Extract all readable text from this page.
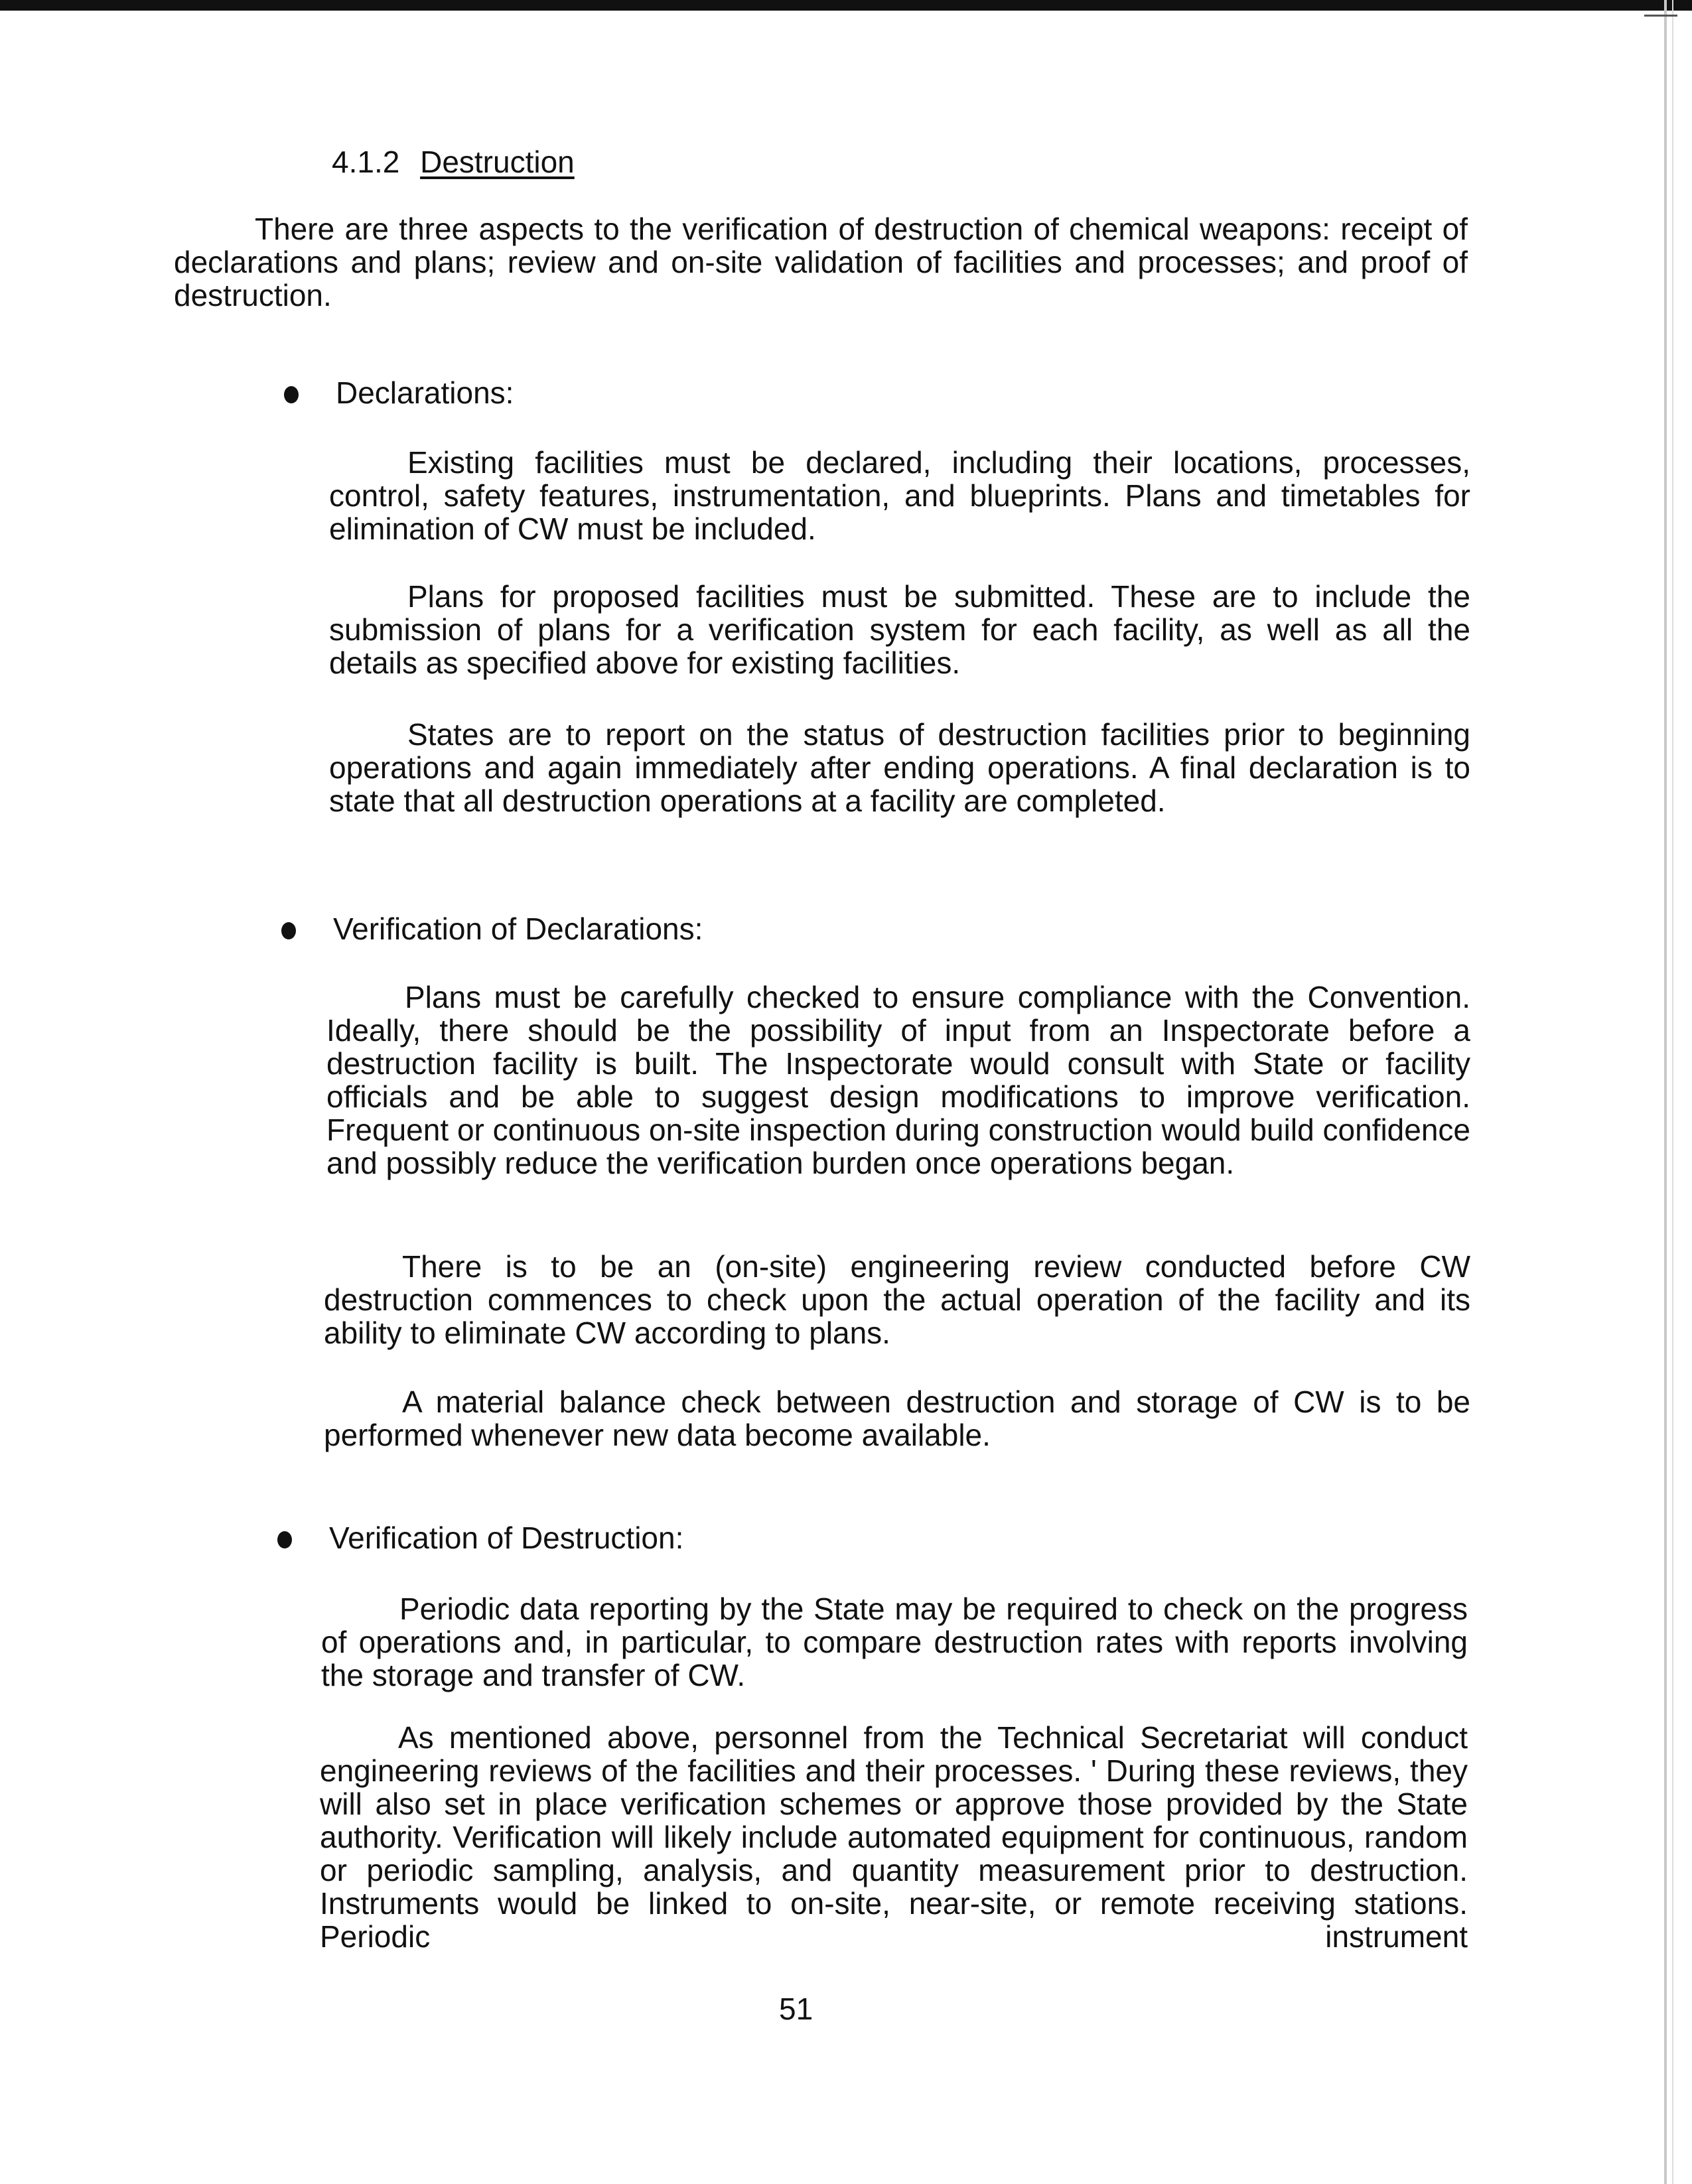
4.1.2 Destruction

There are three aspects to the verification of destruction of chemical weapons: receipt of declarations and plans; review and on-site validation of facilities and processes; and proof of destruction.

Declarations:

Existing facilities must be declared, including their locations, processes, control, safety features, instrumentation, and blueprints. Plans and timetables for elimination of CW must be included.

Plans for proposed facilities must be submitted. These are to include the submission of plans for a verification system for each facility, as well as all the details as specified above for existing facilities.

States are to report on the status of destruction facilities prior to beginning operations and again immediately after ending operations. A final declaration is to state that all destruction operations at a facility are completed.

Verification of Declarations:

Plans must be carefully checked to ensure compliance with the Convention. Ideally, there should be the possibility of input from an Inspectorate before a destruction facility is built. The Inspectorate would consult with State or facility officials and be able to suggest design modifications to improve verification. Frequent or continuous on-site inspection during construction would build confidence and possibly reduce the verification burden once operations began.

There is to be an (on-site) engineering review conducted before CW destruction commences to check upon the actual operation of the facility and its ability to eliminate CW according to plans.

A material balance check between destruction and storage of CW is to be performed whenever new data become available.

Verification of Destruction:

Periodic data reporting by the State may be required to check on the progress of operations and, in particular, to compare destruction rates with reports involving the storage and transfer of CW.

As mentioned above, personnel from the Technical Secretariat will conduct engineering reviews of the facilities and their processes. ' During these reviews, they will also set in place verification schemes or approve those provided by the State authority. Verification will likely include automated equipment for continuous, random or periodic sampling, analysis, and quantity measurement prior to destruction. Instruments would be linked to on-site, near-site, or remote receiving stations. Periodic instrument

51
